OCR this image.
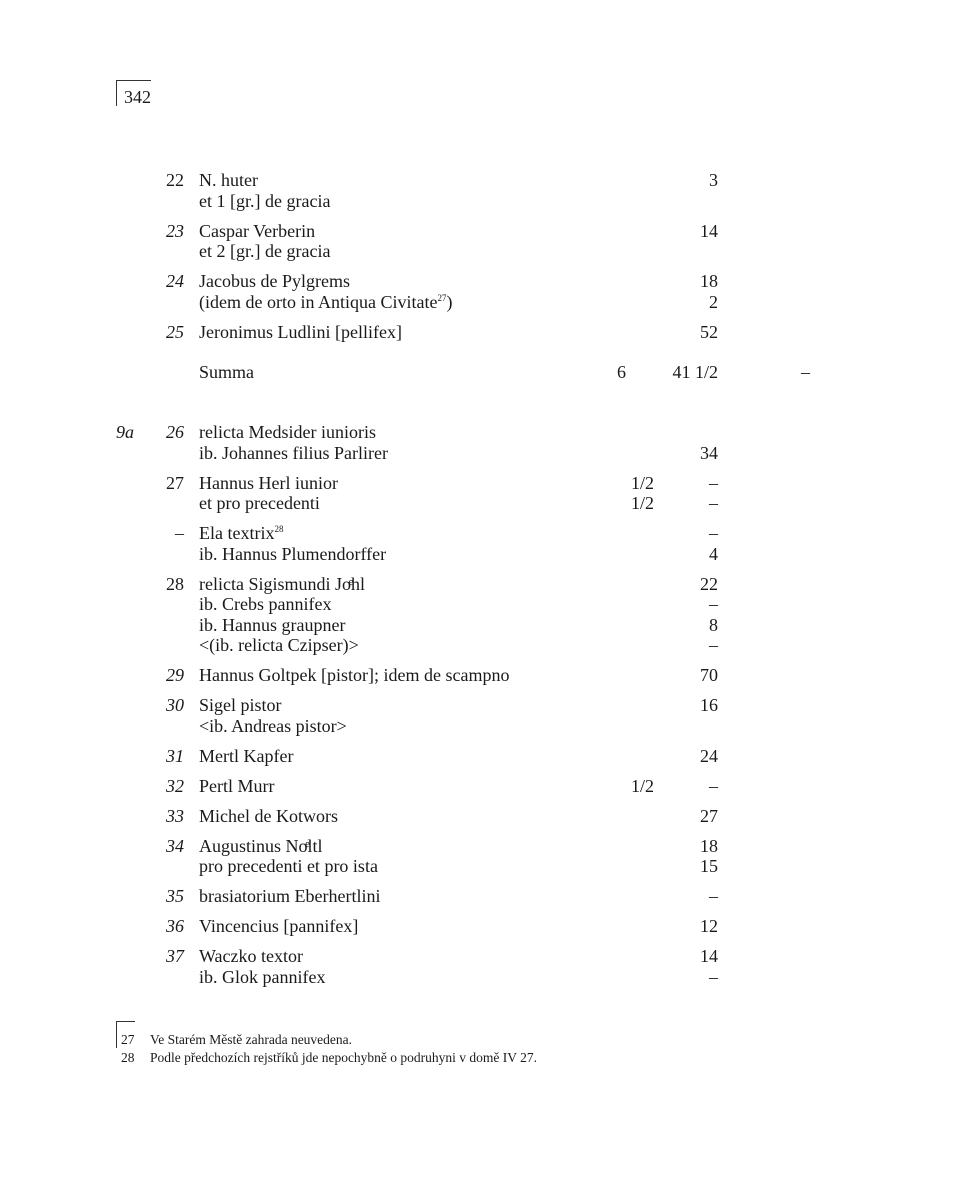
342
22 N. huter	3
et 1 [gr.] de gracia
23 Caspar Verberin	14
et 2 [gr.] de gracia
24 Jacobus de Pylgrems	18
(idem de orto in Antiqua Civitate$^{27}$)	2
25 Jeronimus Ludlini [pellifex]	52
Summa	6	41 1/2	–
9a 26 relicta Medsider iunioris
ib. Johannes filius Parlirer	34
27 Hannus Herl iunior	1/2	–
et pro precedenti	1/2	–
– Ela textrix$^{28}$	–
ib. Hannus Plumendorffer	4
28 relicta Sigismundi Joͤhl	22
ib. Crebs pannifex	–
ib. Hannus graupner	8
<(ib. relicta Czipser)>	–
29 Hannus Goltpek [pistor]; idem de scampno	70
30 Sigel pistor	16
<ib. Andreas pistor>
31 Mertl Kapfer	24
32 Pertl Murr	1/2	–
33 Michel de Kotwors	27
34 Augustinus Noͤltl	18
pro precedenti et pro ista	15
35 brasiatorium Eberhertlini	–
36 Vincencius [pannifex]	12
37 Waczko textor	14
ib. Glok pannifex	–
27 Ve Starém Městě zahrada neuvedena.
28 Podle předchozích rejstříků jde nepochybně o podruhyni v domě IV 27.
